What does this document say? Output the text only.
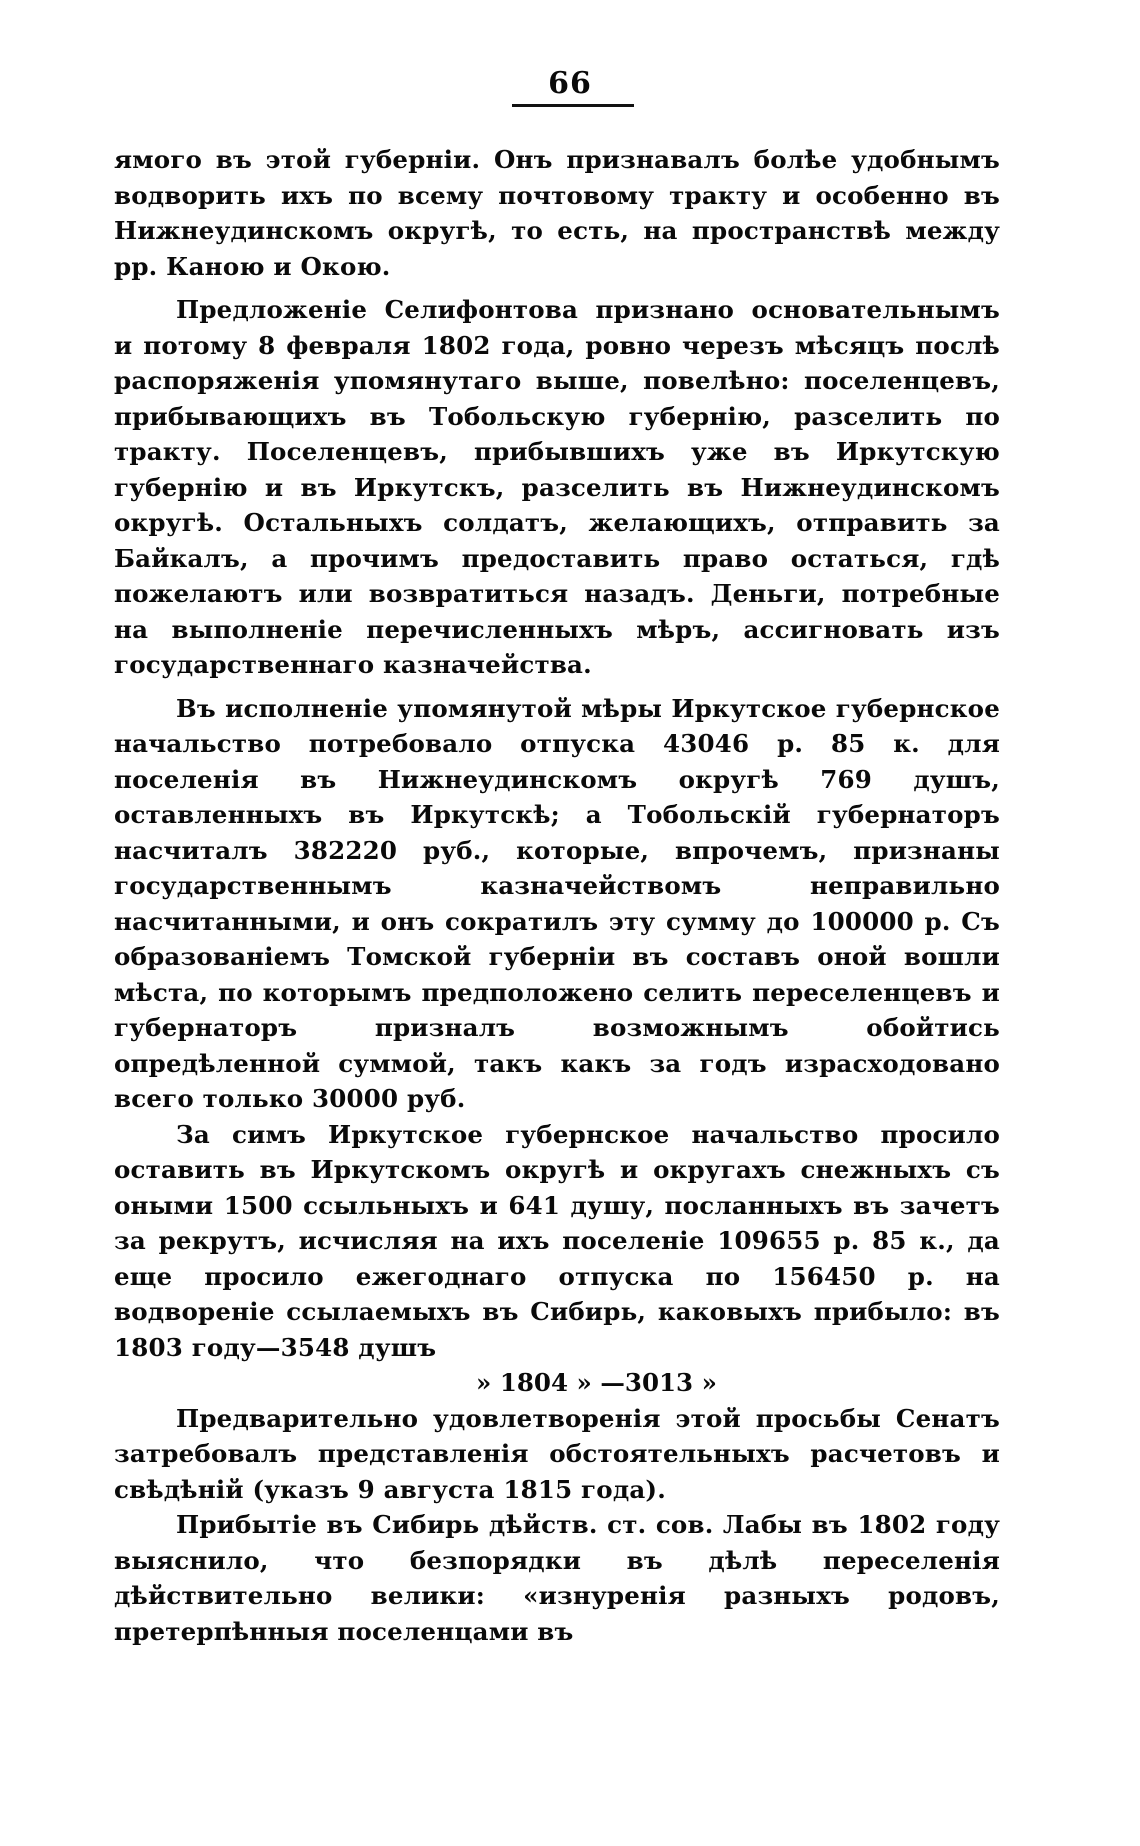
66

ямого въ этой губерніи. Онъ признавалъ болѣе удобнымъ водворить ихъ по всему почтовому тракту и особенно въ Нижнеудинскомъ округѣ, то есть, на пространствѣ между рр. Каною и Окою.

Предложеніе Селифонтова признано основательнымъ и потому 8 февраля 1802 года, ровно черезъ мѣсяцъ послѣ распоряженія упомянутаго выше, повелѣно: поселенцевъ, прибывающихъ въ Тобольскую губернію, разселить по тракту. Поселенцевъ, прибывшихъ уже въ Иркутскую губернію и въ Иркутскъ, разселить въ Нижнеудинскомъ округѣ. Остальныхъ солдатъ, желающихъ, отправить за Байкалъ, а прочимъ предоставить право остаться, гдѣ пожелаютъ или возвратиться назадъ. Деньги, потребные на выполненіе перечисленныхъ мѣръ, ассигновать изъ государственнаго казначейства.

Въ исполненіе упомянутой мѣры Иркутское губернское начальство потребовало отпуска 43046 р. 85 к. для поселенія въ Нижнеудинскомъ округѣ 769 душъ, оставленныхъ въ Иркутскѣ; а Тобольскій губернаторъ насчиталъ 382220 руб., которые, впрочемъ, признаны государственнымъ казначействомъ неправильно насчитанными, и онъ сократилъ эту сумму до 100000 р. Съ образованіемъ Томской губерніи въ составъ оной вошли мѣста, по которымъ предположено селить переселенцевъ и губернаторъ призналъ возможнымъ обойтись опредѣленной суммой, такъ какъ за годъ израсходовано всего только 30000 руб.

За симъ Иркутское губернское начальство просило оставить въ Иркутскомъ округѣ и округахъ снежныхъ съ оными 1500 ссыльныхъ и 641 душу, посланныхъ въ зачетъ за рекрутъ, исчисляя на ихъ поселеніе 109655 р. 85 к., да еще просило ежегоднаго отпуска по 156450 р. на водвореніе ссылаемыхъ въ Сибирь, каковыхъ прибыло: въ 1803 году—3548 душъ

» 1804 » —3013 »

Предварительно удовлетворенія этой просьбы Сенатъ затребовалъ представленія обстоятельныхъ расчетовъ и свѣдѣній (указъ 9 августа 1815 года).

Прибытіе въ Сибирь дѣйств. ст. сов. Лабы въ 1802 году выяснило, что безпорядки въ дѣлѣ переселенія дѣйствительно велики: «изнуренія разныхъ родовъ, претерпѣнныя поселенцами въ
